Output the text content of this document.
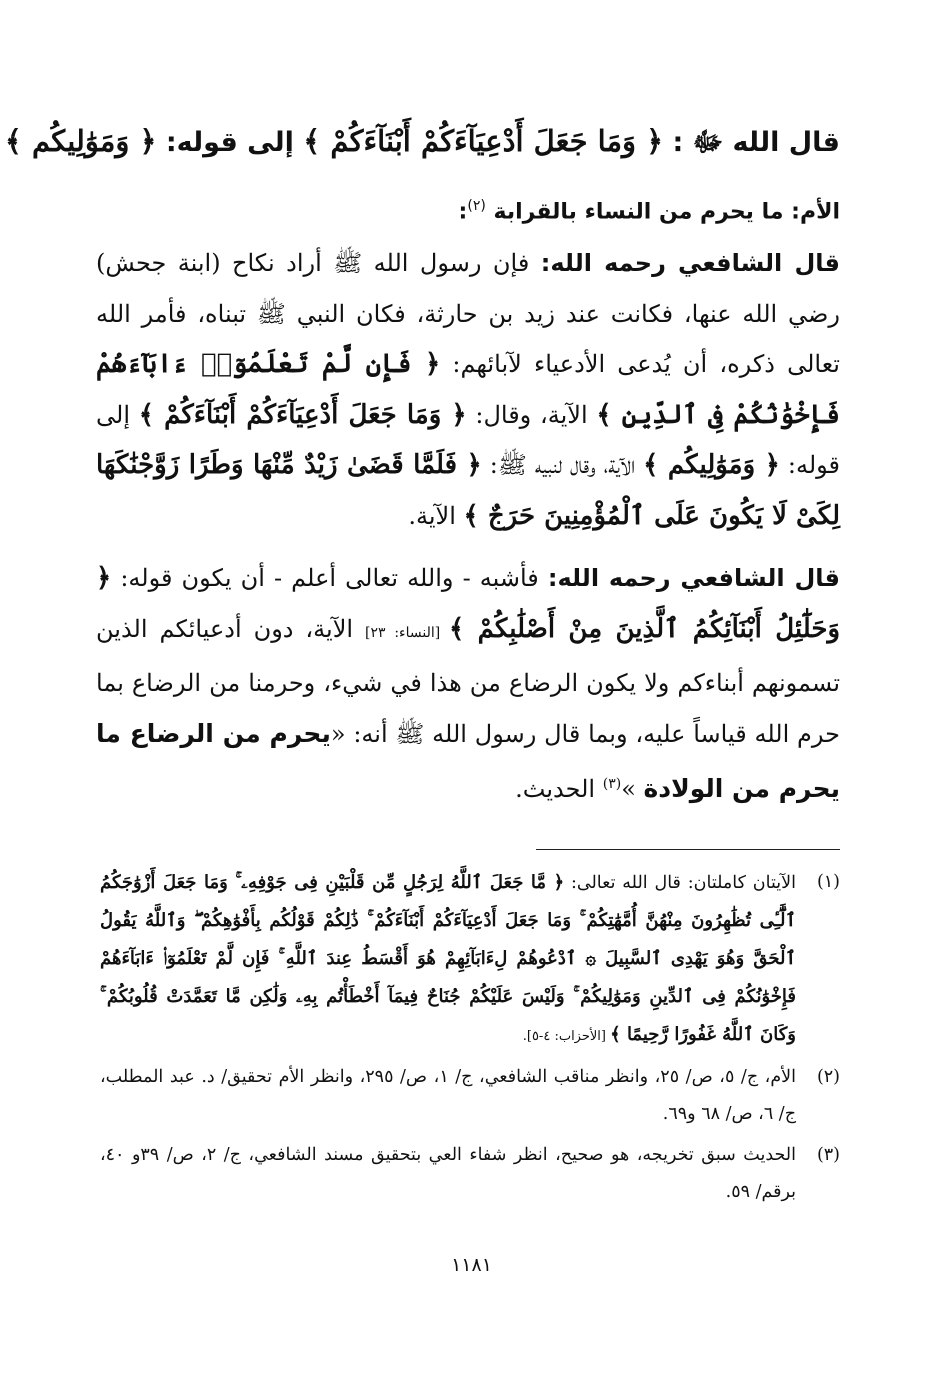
قال الله ﷻ : ﴿ وَمَا جَعَلَ أَدْعِيَآءَكُمْ أَبْنَآءَكُمْ ﴾ إلى قوله: ﴿ وَمَوَٰلِيكُم ﴾

الأم: ما يحرم من النساء بالقرابة $^{(٢)}$:

قال الشافعي رحمه الله: فإن رسول الله ﷺ أراد نكاح (ابنة جحش) رضي الله عنها، فكانت عند زيد بن حارثة، فكان النبي ﷺ تبناه، فأمر الله تعالى ذكره، أن يُدعى الأدعياء لآبائهم: ﴿ فَإِن لَّمْ تَعْلَمُوٓا۟ ءَابَآءَهُمْ فَإِخْوَٰنُكُمْ فِى ٱلدِّينِ ﴾ الآية، وقال: ﴿ وَمَا جَعَلَ أَدْعِيَآءَكُمْ أَبْنَآءَكُمْ ﴾ إلى قوله: ﴿ وَمَوَٰلِيكُم ﴾ الآية، وقال لنبيه ﷺ: ﴿ فَلَمَّا قَضَىٰ زَيْدٌ مِّنْهَا وَطَرًا زَوَّجْنَٰكَهَا لِكَىْ لَا يَكُونَ عَلَى ٱلْمُؤْمِنِينَ حَرَجٌ ﴾ الآية.

قال الشافعي رحمه الله: فأشبه - والله تعالى أعلم - أن يكون قوله: ﴿ وَحَلَٰٓئِلُ أَبْنَآئِكُمُ ٱلَّذِينَ مِنْ أَصْلَٰبِكُمْ ﴾ [النساء: ٢٣] الآية، دون أدعيائكم الذين تسمونهم أبناءكم ولا يكون الرضاع من هذا في شيء، وحرمنا من الرضاع بما حرم الله قياساً عليه، وبما قال رسول الله ﷺ أنه: «يحرم من الرضاع ما يحرم من الولادة »$^{(٣)}$ الحديث.

(١)
الآيتان كاملتان: قال الله تعالى: ﴿ مَّا جَعَلَ ٱللَّهُ لِرَجُلٍ مِّن قَلْبَيْنِ فِى جَوْفِهِۦ ۚ وَمَا جَعَلَ أَزْوَٰجَكُمُ ٱلَّٰٓـِٔى تُظَٰهِرُونَ مِنْهُنَّ أُمَّهَٰتِكُمْ ۚ وَمَا جَعَلَ أَدْعِيَآءَكُمْ أَبْنَآءَكُمْ ۚ ذَٰلِكُمْ قَوْلُكُم بِأَفْوَٰهِكُمْ ۖ وَٱللَّهُ يَقُولُ ٱلْحَقَّ وَهُوَ يَهْدِى ٱلسَّبِيلَ ۞ ٱدْعُوهُمْ لِءَابَآئِهِمْ هُوَ أَقْسَطُ عِندَ ٱللَّهِ ۚ فَإِن لَّمْ تَعْلَمُوٓا۟ ءَابَآءَهُمْ فَإِخْوَٰنُكُمْ فِى ٱلدِّينِ وَمَوَٰلِيكُمْ ۚ وَلَيْسَ عَلَيْكُمْ جُنَاحٌ فِيمَآ أَخْطَأْتُم بِهِۦ وَلَٰكِن مَّا تَعَمَّدَتْ قُلُوبُكُمْ ۚ وَكَانَ ٱللَّهُ غَفُورًا رَّحِيمًا ﴾ [الأحزاب: ٤-٥].
(٢)
الأم، ج/ ٥، ص/ ٢٥، وانظر مناقب الشافعي، ج/ ١، ص/ ٢٩٥، وانظر الأم تحقيق/ د. عبد المطلب، ج/ ٦، ص/ ٦٨ و٦٩.
(٣)
الحديث سبق تخريجه، هو صحيح، انظر شفاء العي بتحقيق مسند الشافعي، ج/ ٢، ص/ ٣٩و ٤٠، برقم/ ٥٩.
١١٨١
